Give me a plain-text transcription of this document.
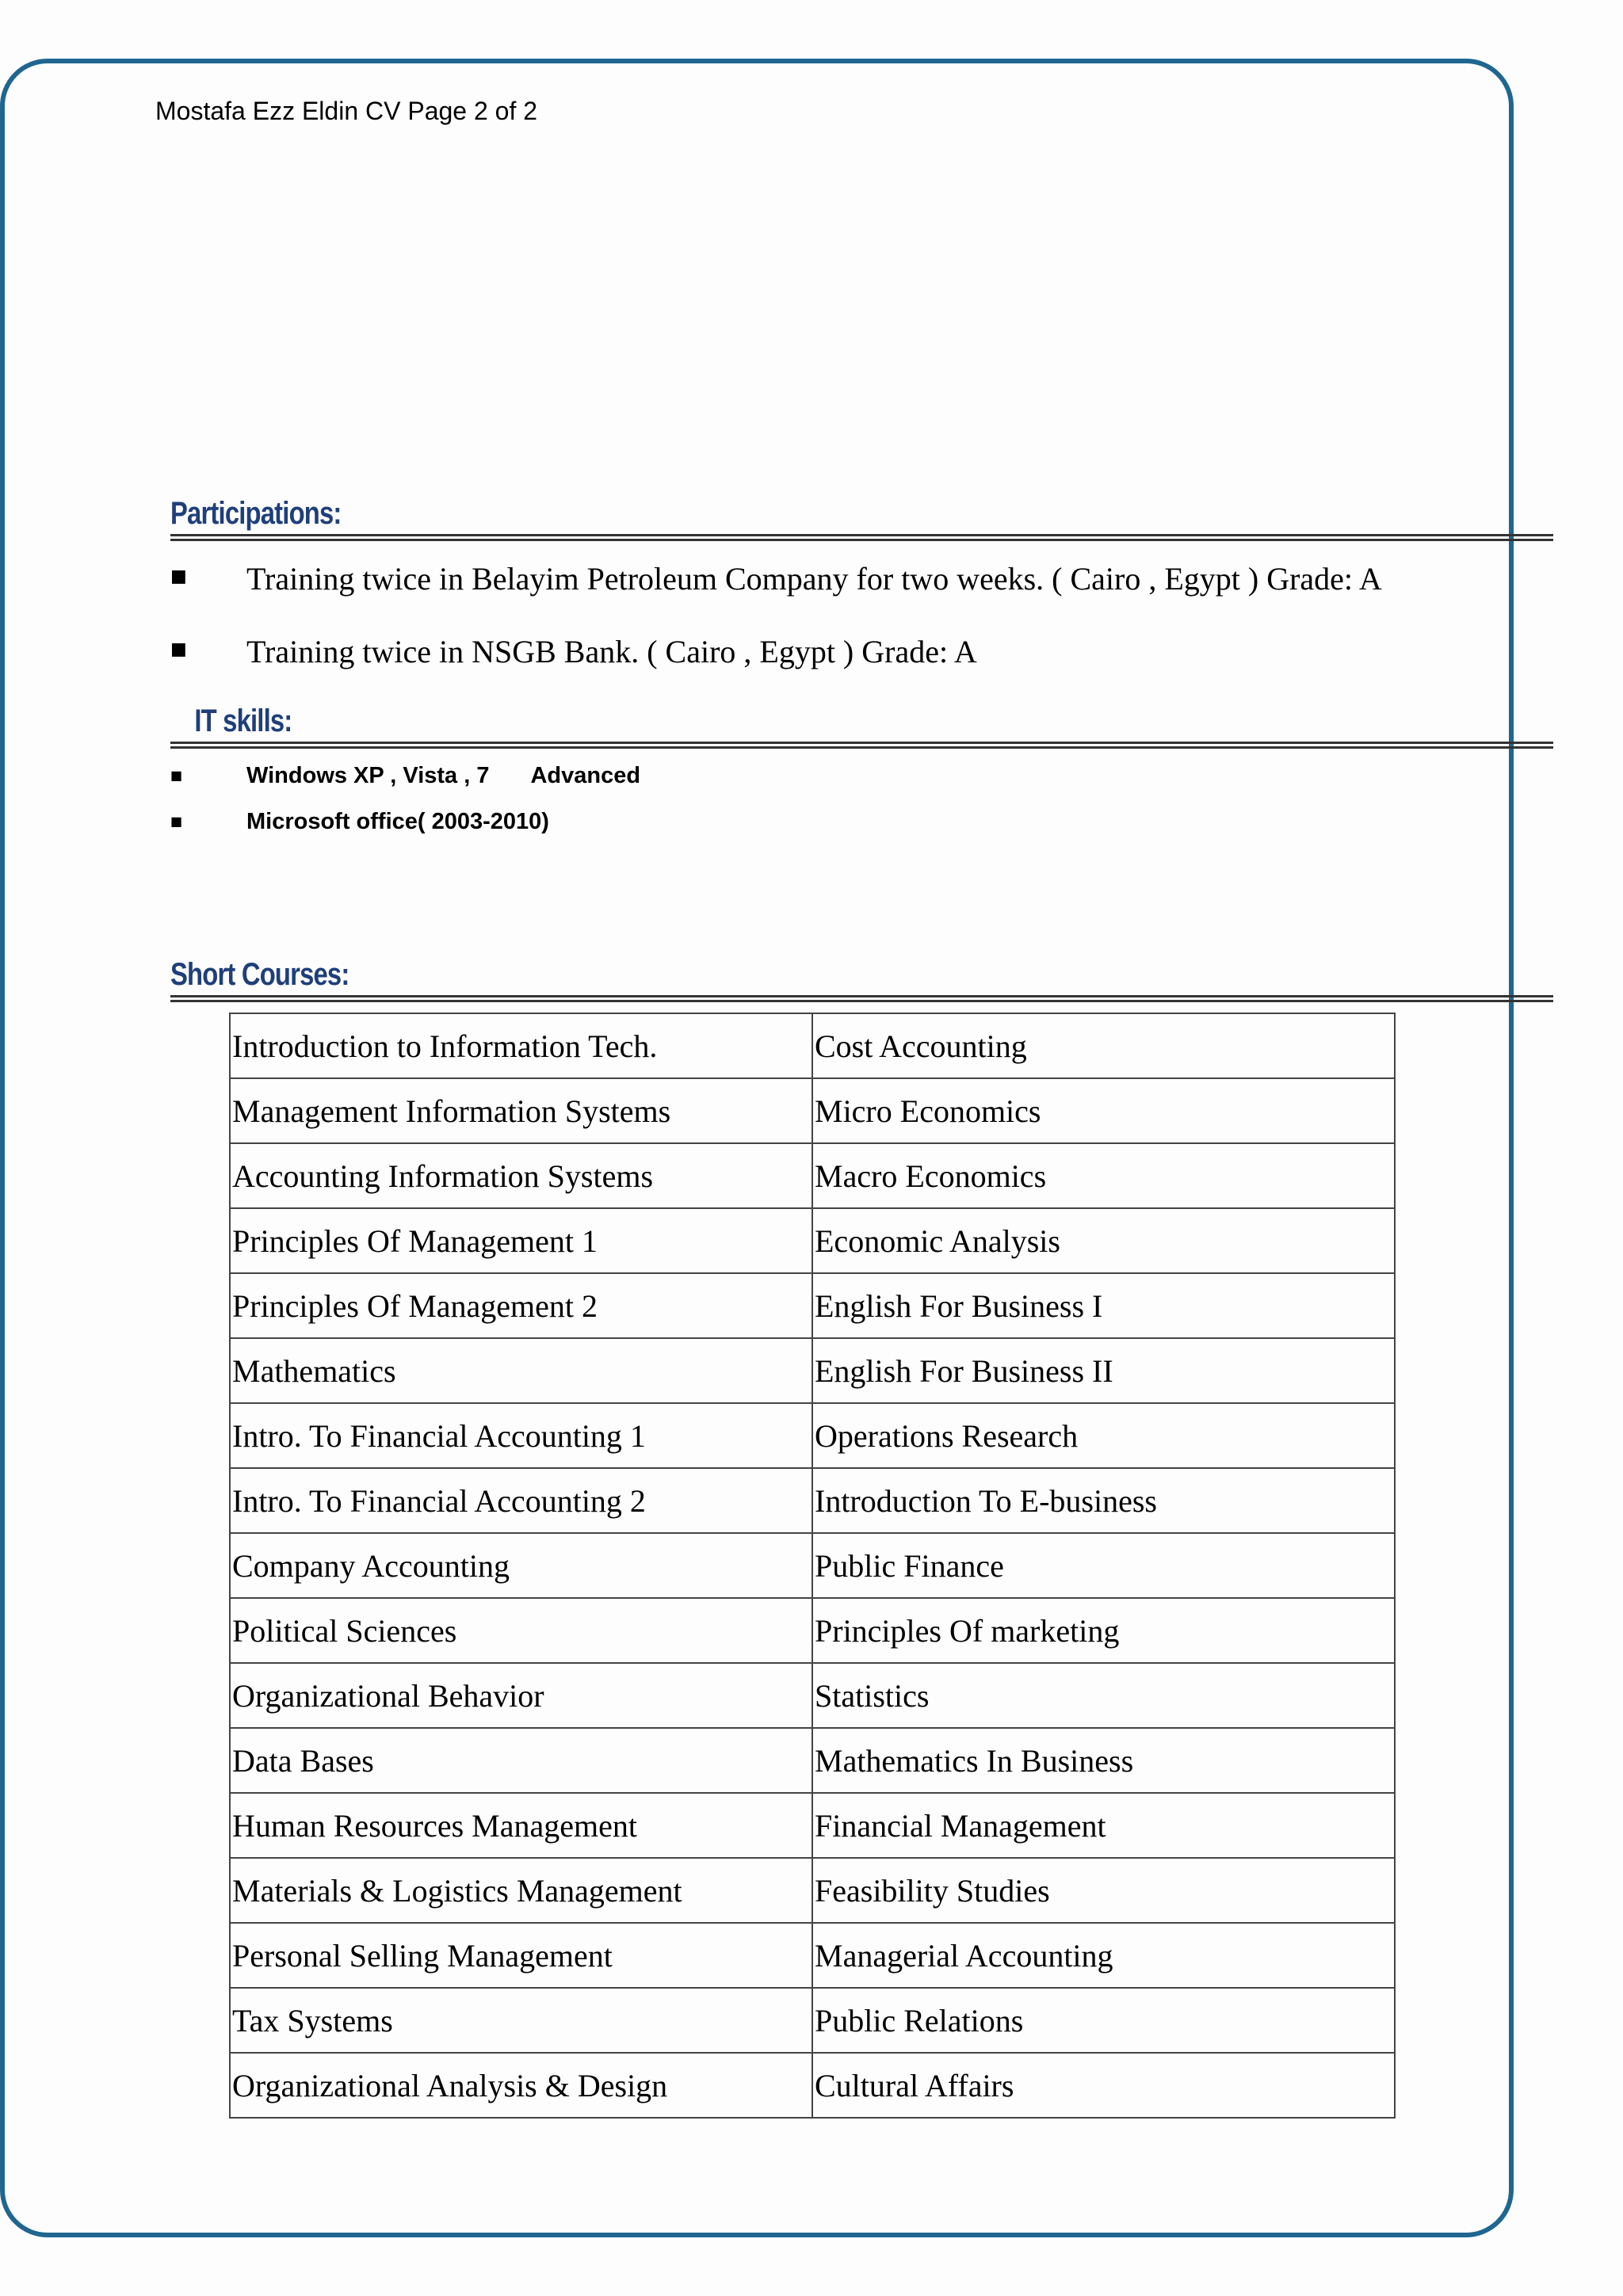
Mostafa Ezz Eldin CV Page 2 of 2
Participations:
■ Training twice in Belayim Petroleum Company for two weeks. ( Cairo , Egypt ) Grade: A
■ Training twice in NSGB Bank. ( Cairo , Egypt ) Grade: A
IT skills:
■	Windows XP , Vista , 7 Advanced
■	Microsoft office( 2003-2010)
Short Courses:
Introduction to Information Tech.	Cost Accounting
Management Information Systems	Micro Economics
Accounting Information Systems	Macro Economics
Principles Of Management 1	Economic Analysis
Principles Of Management 2	English For Business I
Mathematics	English For Business II
Intro. To Financial Accounting 1	Operations Research
Intro. To Financial Accounting 2	Introduction To E-business
Company Accounting	Public Finance
Political Sciences	Principles Of marketing
Organizational Behavior	Statistics
Data Bases	Mathematics In Business
Human Resources Management	Financial Management
Materials & Logistics Management	Feasibility Studies
Personal Selling Management	Managerial Accounting
Tax Systems	Public Relations
Organizational Analysis & Design	Cultural Affairs
